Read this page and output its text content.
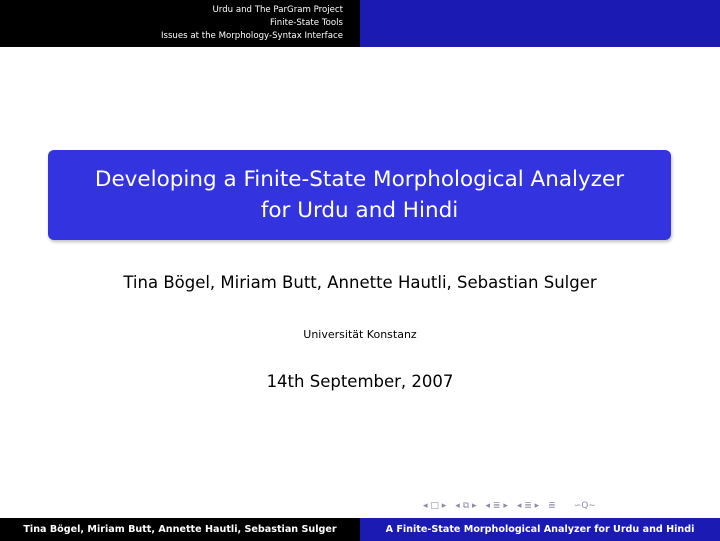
Urdu and The ParGram Project
Finite-State Tools
Issues at the Morphology-Syntax Interface
Developing a Finite-State Morphological Analyzer
for Urdu and Hindi
Tina Bögel, Miriam Butt, Annette Hautli, Sebastian Sulger
Universität Konstanz
14th September, 2007
◂ □ ▸ ◂ ⧉ ▸ ◂ ≣ ▸ ◂ ≣ ▸ ≣ ∽Q∼
Tina Bögel, Miriam Butt, Annette Hautli, Sebastian Sulger	A Finite-State Morphological Analyzer for Urdu and Hindi
